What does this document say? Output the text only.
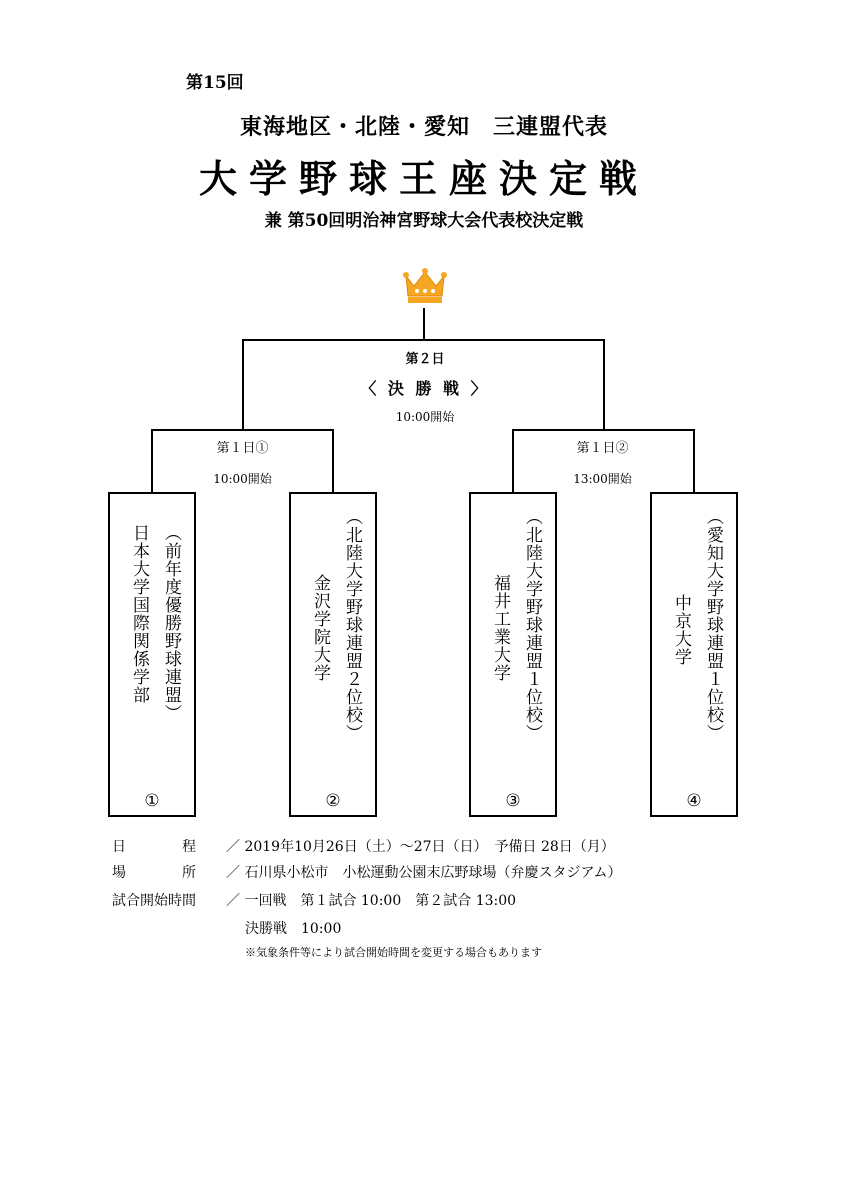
第15回
東海地区・北陸・愛知　三連盟代表
大学野球王座決定戦
兼 第50回明治神宮野球大会代表校決定戦
第２日
〈 決 勝 戦 〉
10:00開始
第１日①
10:00開始
第１日②
13:00開始
日本大学国際関係学部 （前年度優勝野球連盟）
①
金沢学院大学 （北陸大学野球連盟２位校）
②
福井工業大学 （北陸大学野球連盟１位校）
③
中京大学 （愛知大学野球連盟１位校）
④
日　　　　程 ／ 2019年10月26日（土）～27日（日）　予備日 28日（月）
場　　　　所 ／ 石川県小松市　小松運動公園末広野球場（弁慶スタジアム）
試合開始時間 ／ 一回戦　第１試合 10:00　第２試合 13:00
決勝戦　10:00
※気象条件等により試合開始時間を変更する場合もあります
